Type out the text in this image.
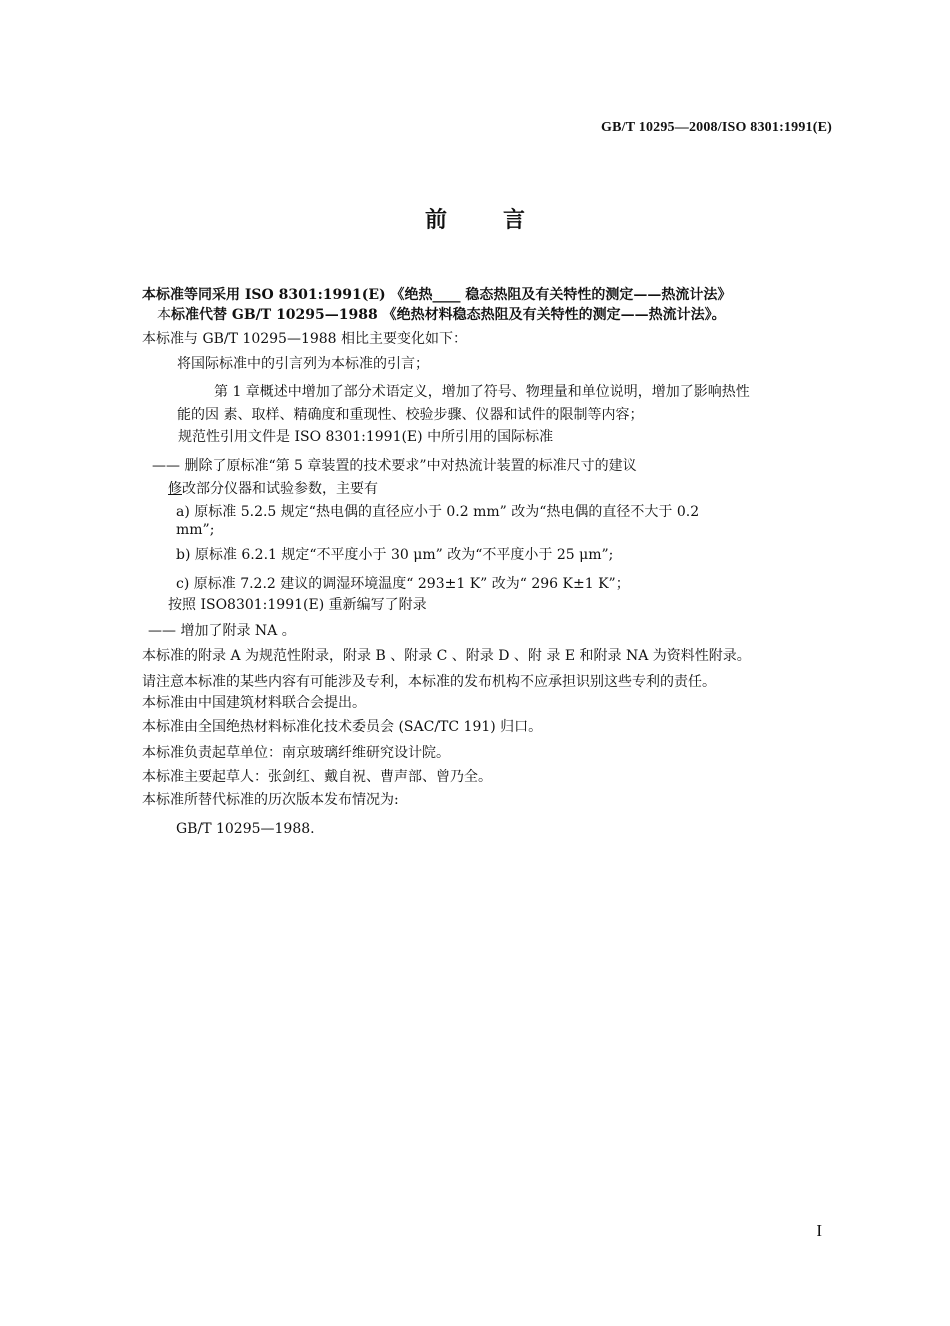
GB/T 10295—2008/ISO 8301:1991(E)
前言
本标准等同采用 ISO 8301:1991(E) 《绝热____ 稳态热阻及有关特性的测定——热流计法》
本标准代替 GB/T 10295—1988 《绝热材料稳态热阻及有关特性的测定——热流计法》。
本标准与 GB/T 10295—1988 相比主要变化如下：
将国际标准中的引言列为本标准的引言；
第 1 章概述中增加了部分术语定义，增加了符号、物理量和单位说明，增加了影响热性
能的因 素、取样、精确度和重现性、校验步骤、仪器和试件的限制等内容；
规范性引用文件是 ISO 8301:1991(E) 中所引用的国际标准
—— 删除了原标准“第 5 章装置的技术要求”中对热流计装置的标准尺寸的建议
修改部分仪器和试验参数，主要有
a) 原标准 5.2.5 规定“热电偶的直径应小于 0.2 mm” 改为“热电偶的直径不大于 0.2
mm”;
b) 原标准 6.2.1 规定“不平度小于 30 μm” 改为“不平度小于 25 μm”;
c) 原标准 7.2.2 建议的调湿环境温度“ 293±1 K” 改为“ 296 K±1 K”；
按照 ISO8301:1991(E) 重新编写了附录
—— 增加了附录 NA 。
本标准的附录 A 为规范性附录，附录 B 、附录 C 、附录 D 、附 录 E 和附录 NA 为资料性附录。
请注意本标准的某些内容有可能涉及专利，本标准的发布机构不应承担识别这些专利的责任。
本标准由中国建筑材料联合会提出。
本标准由全国绝热材料标准化技术委员会 (SAC/TC 191) 归口。
本标准负责起草单位：南京玻璃纤维研究设计院。
本标准主要起草人：张剑红、戴自祝、曹声部、曾乃全。
本标准所替代标准的历次版本发布情况为:
GB/T 10295—1988.
I
